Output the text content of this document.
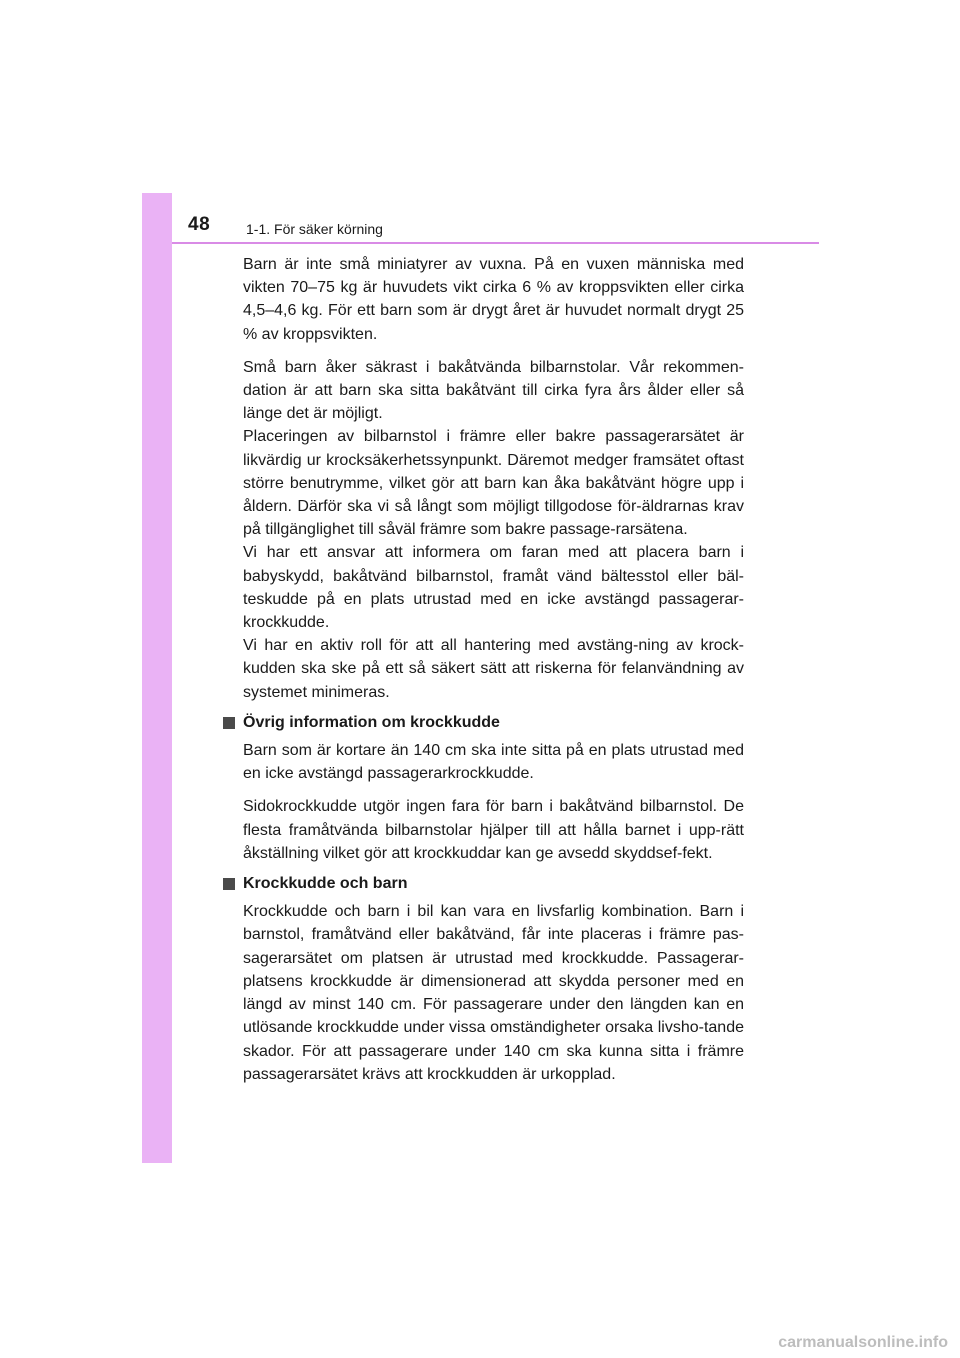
48	1-1. För säker körning

Barn är inte små miniatyrer av vuxna. På en vuxen människa med vikten 70–75 kg är huvudets vikt cirka 6 % av kroppsvikten eller cirka 4,5–4,6 kg. För ett barn som är drygt året är huvudet normalt drygt 25 % av kroppsvikten.

Små barn åker säkrast i bakåtvända bilbarnstolar. Vår rekommen-dation är att barn ska sitta bakåtvänt till cirka fyra års ålder eller så länge det är möjligt.

Placeringen av bilbarnstol i främre eller bakre passagerarsätet är likvärdig ur krocksäkerhetssynpunkt. Däremot medger framsätet oftast större benutrymme, vilket gör att barn kan åka bakåtvänt högre upp i åldern. Därför ska vi så långt som möjligt tillgodose för-äldrarnas krav på tillgänglighet till såväl främre som bakre passage-rarsätena.

Vi har ett ansvar att informera om faran med att placera barn i babyskydd, bakåtvänd bilbarnstol, framåt vänd bältesstol eller bäl-teskudde på en plats utrustad med en icke avstängd passagerar-krockkudde.

Vi har en aktiv roll för att all hantering med avstäng-ning av krock-kudden ska ske på ett så säkert sätt att riskerna för felanvändning av systemet minimeras.

Övrig information om krockkudde

Barn som är kortare än 140 cm ska inte sitta på en plats utrustad med en icke avstängd passagerarkrockkudde.

Sidokrockkudde utgör ingen fara för barn i bakåtvänd bilbarnstol. De flesta framåtvända bilbarnstolar hjälper till att hålla barnet i upp-rätt åkställning vilket gör att krockkuddar kan ge avsedd skyddsef-fekt.

Krockkudde och barn

Krockkudde och barn i bil kan vara en livsfarlig kombination. Barn i barnstol, framåtvänd eller bakåtvänd, får inte placeras i främre pas-sagerarsätet om platsen är utrustad med krockkudde. Passagerar-platsens krockkudde är dimensionerad att skydda personer med en längd av minst 140 cm. För passagerare under den längden kan en utlösande krockkudde under vissa omständigheter orsaka livsho-tande skador. För att passagerare under 140 cm ska kunna sitta i främre passagerarsätet krävs att krockkudden är urkopplad.

carmanualsonline.info
